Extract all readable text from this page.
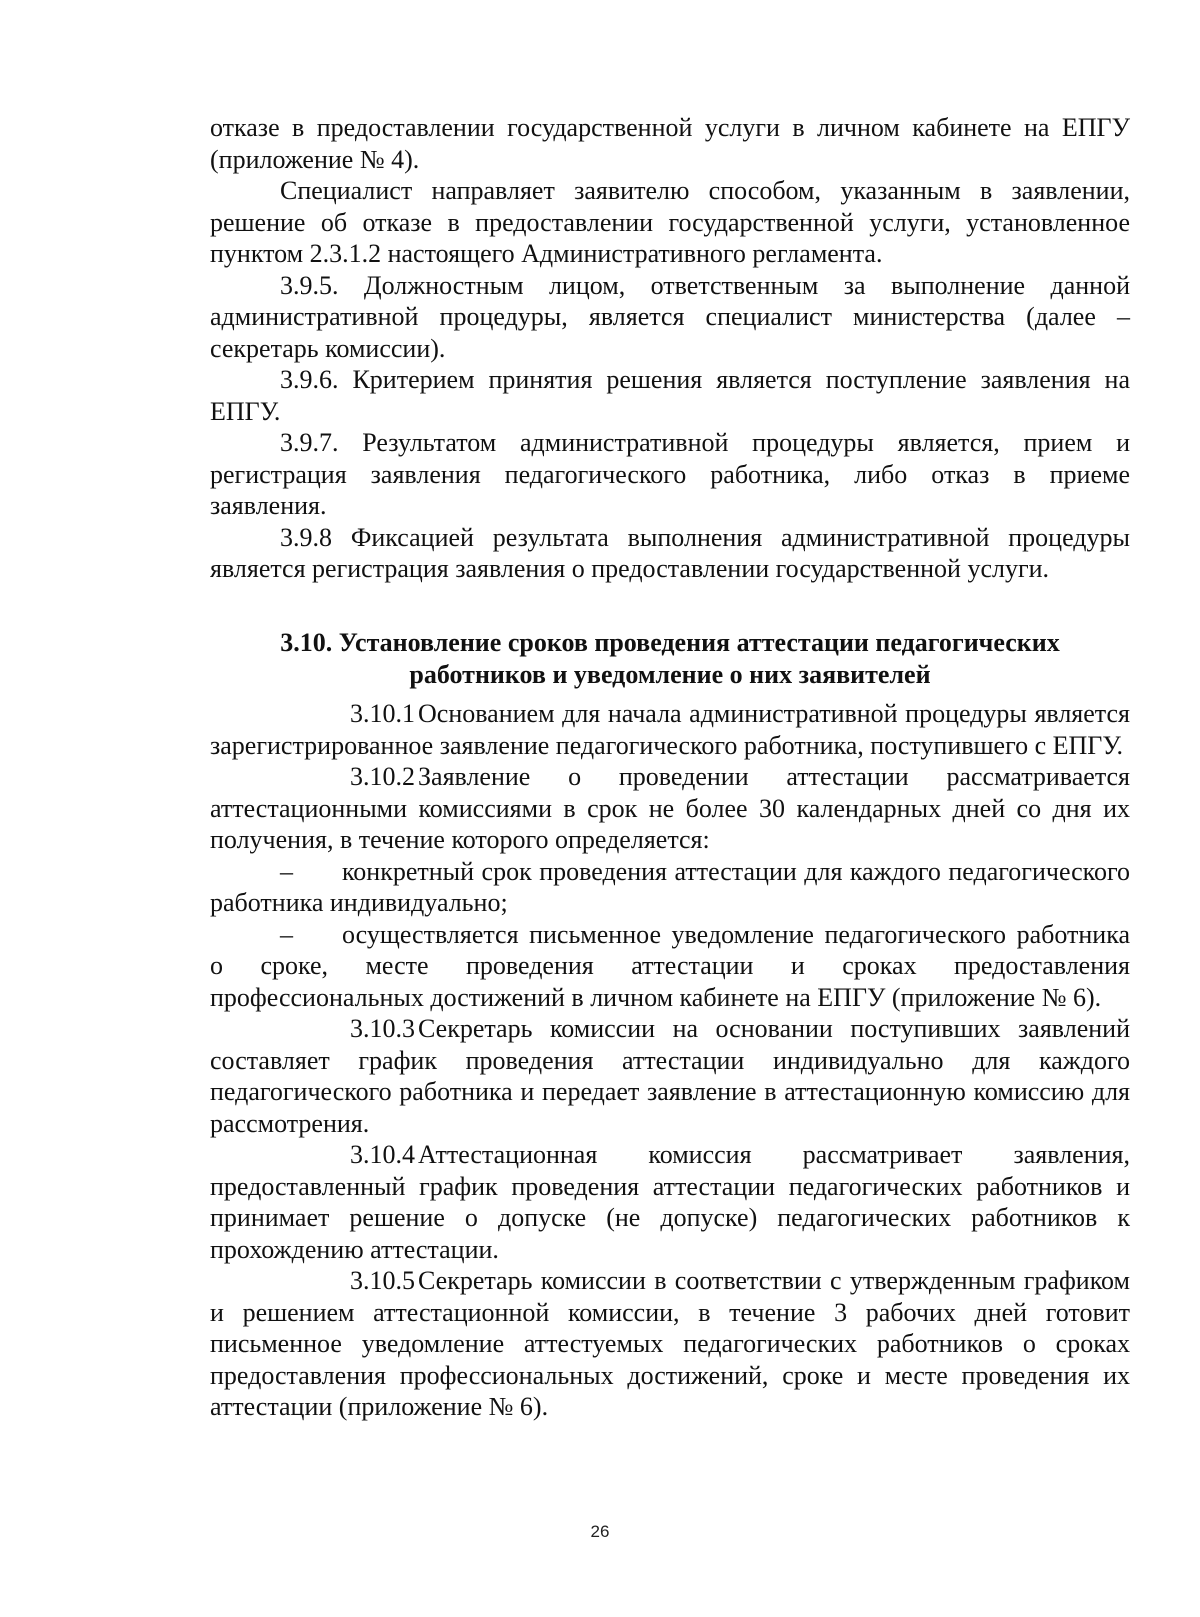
отказе в предоставлении государственной услуги в личном кабинете на ЕПГУ (приложение № 4).

Специалист направляет заявителю способом, указанным в заявлении, решение об отказе в предоставлении государственной услуги, установленное пунктом 2.3.1.2 настоящего Административного регламента.

3.9.5. Должностным лицом, ответственным за выполнение данной административной процедуры, является специалист министерства (далее – секретарь комиссии).

3.9.6. Критерием принятия решения является поступление заявления на ЕПГУ.

3.9.7. Результатом административной процедуры является, прием и регистрация заявления педагогического работника, либо отказ в приеме заявления.

3.9.8 Фиксацией результата выполнения административной процедуры является регистрация заявления о предоставлении государственной услуги.

3.10. Установление сроков проведения аттестации педагогических
работников и уведомление о них заявителей

3.10.1 Основанием для начала административной процедуры является зарегистрированное заявление педагогического работника, поступившего с ЕПГУ.

3.10.2 Заявление о проведении аттестации рассматривается аттестационными комиссиями в срок не более 30 календарных дней со дня их получения, в течение которого определяется:

– конкретный срок проведения аттестации для каждого педагогического работника индивидуально;

– осуществляется письменное уведомление педагогического работника о сроке, месте проведения аттестации и сроках предоставления профессиональных достижений в личном кабинете на ЕПГУ (приложение № 6).

3.10.3 Секретарь комиссии на основании поступивших заявлений составляет график проведения аттестации индивидуально для каждого педагогического работника и передает заявление в аттестационную комиссию для рассмотрения.

3.10.4 Аттестационная комиссия рассматривает заявления, предоставленный график проведения аттестации педагогических работников и принимает решение о допуске (не допуске) педагогических работников к прохождению аттестации.

3.10.5 Секретарь комиссии в соответствии с утвержденным графиком и решением аттестационной комиссии, в течение 3 рабочих дней готовит письменное уведомление аттестуемых педагогических работников о сроках предоставления профессиональных достижений, сроке и месте проведения их аттестации (приложение № 6).

26
